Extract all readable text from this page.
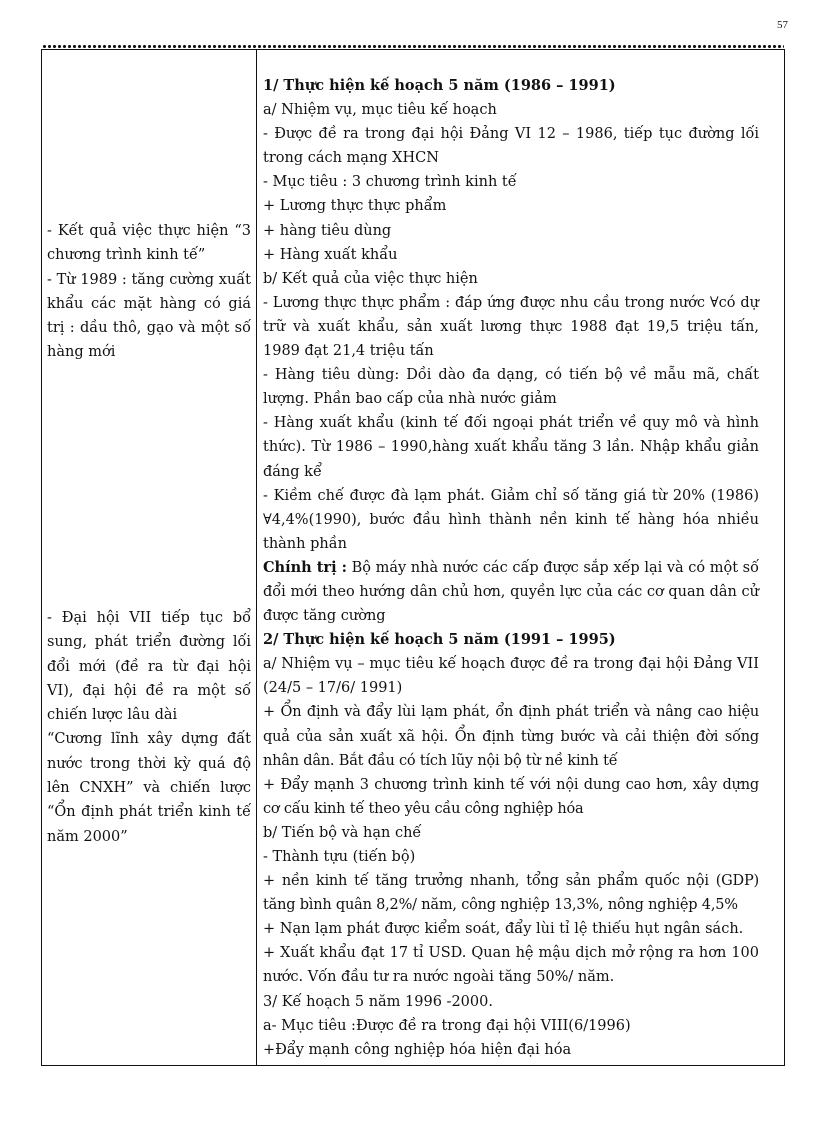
57

- Kết quả việc thực hiện “3 chương trình kinh tế”

- Từ 1989 : tăng cường xuất khẩu các mặt hàng có giá trị : dầu thô, gạo và một số hàng mới

- Đại hội VII tiếp tục bổ sung, phát triển đường lối đổi mới (đề ra từ đại hội VI), đại hội đề ra một số chiến lược lâu dài

“Cương lĩnh xây dựng đất nước trong thời kỳ quá độ lên CNXH” và chiến lược “Ổn định phát triển kinh tế năm 2000”

1/ Thực hiện kế hoạch 5 năm (1986 – 1991)

a/ Nhiệm vụ, mục tiêu kế hoạch

- Được đề ra trong đại hội Đảng VI 12 – 1986, tiếp tục đường lối trong cách mạng XHCN

- Mục tiêu : 3 chương trình kinh tế

+ Lương thực thực phẩm

+ hàng tiêu dùng

+ Hàng xuất khẩu

b/ Kết quả của việc thực hiện

- Lương thực thực phẩm : đáp ứng được nhu cầu trong nước ∀có dự trữ và xuất khẩu, sản xuất lương thực 1988 đạt 19,5 triệu tấn, 1989 đạt 21,4 triệu tấn

- Hàng tiêu dùng: Dồi dào đa dạng, có tiến bộ về mẫu mã, chất lượng. Phần bao cấp của nhà nước giảm

- Hàng xuất khẩu (kinh tế đối ngoại phát triển về quy mô và hình thức). Từ 1986 – 1990,hàng xuất khẩu tăng 3 lần. Nhập khẩu giản đáng kể

- Kiềm chế được đà lạm phát. Giảm chỉ số tăng giá từ 20% (1986) ∀4,4%(1990), bước đầu hình thành nền kinh tế hàng hóa nhiều thành phần

Chính trị : Bộ máy nhà nước các cấp được sắp xếp lại và có một số đổi mới theo hướng dân chủ hơn, quyền lực của các cơ quan dân cử được tăng cường

2/ Thực hiện kế hoạch 5 năm (1991 – 1995)

a/ Nhiệm vụ – mục tiêu kế hoạch được đề ra trong đại hội Đảng VII (24/5 – 17/6/ 1991)

+ Ổn định và đẩy lùi lạm phát, ổn định phát triển và nâng cao hiệu quả của sản xuất xã hội. Ổn định từng bước và cải thiện đời sống nhân dân. Bắt đầu có tích lũy nội bộ từ nề kinh tế

+ Đẩy mạnh 3 chương trình kinh tế với nội dung cao hơn, xây dựng cơ cấu kinh tế theo yêu cầu công nghiệp hóa

b/ Tiến bộ và hạn chế

- Thành tựu (tiến bộ)

+ nền kinh tế tăng trưởng nhanh, tổng sản phẩm quốc nội (GDP) tăng bình quân 8,2%/ năm, công nghiệp 13,3%, nông nghiệp 4,5%

+ Nạn lạm phát được kiểm soát, đẩy lùi tỉ lệ thiếu hụt ngân sách.

+ Xuất khẩu đạt 17 tỉ USD. Quan hệ mậu dịch mở rộng ra hơn 100 nước. Vốn đầu tư ra nước ngoài tăng 50%/ năm.

3/ Kế hoạch 5 năm 1996 -2000.

a- Mục tiêu :Được đề ra trong đại hội VIII(6/1996)

+Đẩy mạnh công nghiệp hóa hiện đại hóa
